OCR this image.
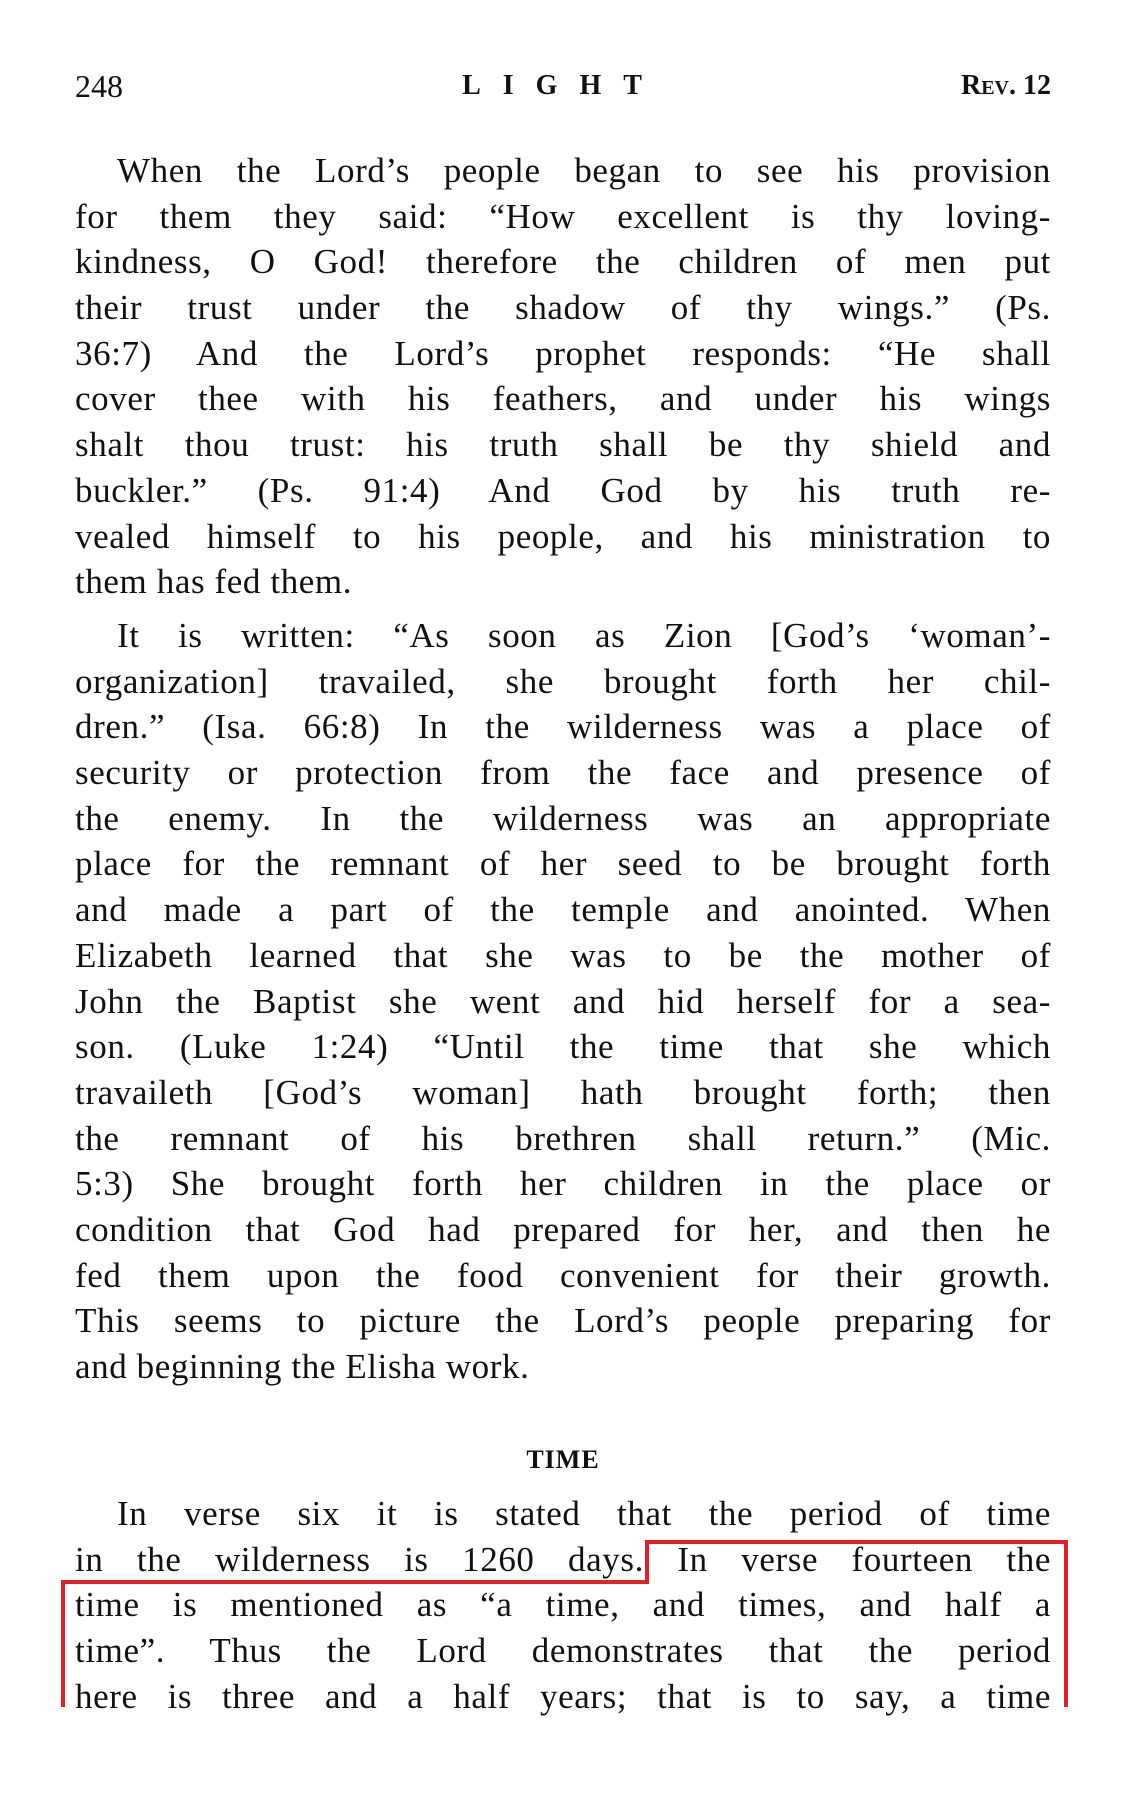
248	LIGHT	Rev. 12
When the Lord’s people began to see his provision
for them they said: “How excellent is thy loving-
kindness, O God! therefore the children of men put
their trust under the shadow of thy wings.” (Ps.
36:7) And the Lord’s prophet responds: “He shall
cover thee with his feathers, and under his wings
shalt thou trust: his truth shall be thy shield and
buckler.” (Ps. 91:4) And God by his truth re-
vealed himself to his people, and his ministration to
them has fed them.
It is written: “As soon as Zion [God’s ‘woman’-
organization] travailed, she brought forth her chil-
dren.” (Isa. 66:8) In the wilderness was a place of
security or protection from the face and presence of
the enemy. In the wilderness was an appropriate
place for the remnant of her seed to be brought forth
and made a part of the temple and anointed. When
Elizabeth learned that she was to be the mother of
John the Baptist she went and hid herself for a sea-
son. (Luke 1:24) “Until the time that she which
travaileth [God’s woman] hath brought forth; then
the remnant of his brethren shall return.” (Mic.
5:3) She brought forth her children in the place or
condition that God had prepared for her, and then he
fed them upon the food convenient for their growth.
This seems to picture the Lord’s people preparing for
and beginning the Elisha work.
TIME
In verse six it is stated that the period of time
in the wilderness is 1260 days. In verse fourteen the
time is mentioned as “a time, and times, and half a
time”. Thus the Lord demonstrates that the period
here is three and a half years; that is to say, a time
